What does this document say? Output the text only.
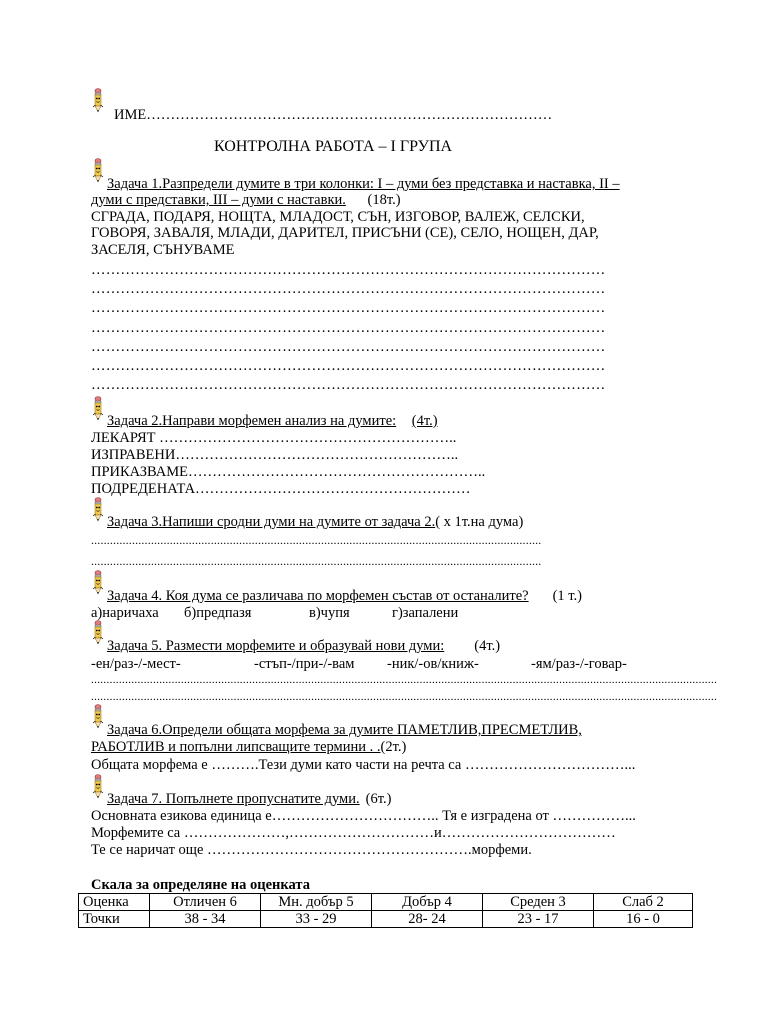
ИМЕ…………………………………………………………………………
КОНТРОЛНА РАБОТА – I ГРУПА
Задача 1.Разпредели думите в три колонки: I – думи без представка и наставка, II –
думи с представки, III – думи с наставки. (18т.)
СГРАДА, ПОДАРЯ, НОЩТА, МЛАДОСТ, СЪН, ИЗГОВОР, ВАЛЕЖ, СЕЛСКИ,
ГОВОРЯ, ЗАВАЛЯ, МЛАДИ, ДАРИТЕЛ, ПРИСЪНИ (СЕ), СЕЛО, НОЩЕН, ДАР,
ЗАСЕЛЯ, СЪНУВАМЕ
……………………………………………………………………………………………
……………………………………………………………………………………………
……………………………………………………………………………………………
……………………………………………………………………………………………
……………………………………………………………………………………………
……………………………………………………………………………………………
……………………………………………………………………………………………
Задача 2.Направи морфемен анализ на думите: (4т.)
ЛЕКАРЯТ ……………………………………………………..
ИЗПРАВЕНИ…………………………………………………..
ПРИКАЗВАМЕ……………………………………………………..
ПОДРЕДЕНАТА…………………………………………………
Задача 3.Напиши сродни думи на думите от задача 2.( х 1т.на дума)
...............................................................................................................................................
...............................................................................................................................................
Задача 4. Коя дума се различава по морфемен състав от останалите? (1 т.)
а)наричаха б)предпазя	в)чупя	г)запалени
Задача 5. Размести морфемите и образувай нови думи: (4т.)
-ен/раз-/-мест-	-стъп-/при-/-вам -ник/-ов/книж-	-ям/раз-/-говар-
..........................................................................................................................................................................................................
..........................................................................................................................................................................................................
Задача 6.Определи общата морфема за думите ПАМЕТЛИВ,ПРЕСМЕТЛИВ,
РАБОТЛИВ и попълни липсващите термини . .(2т.)
Общата морфема е ……….Тези думи като части на речта са ……………………………...
Задача 7. Попълнете пропуснатите думи. (6т.)
Основната езикова единица е…………………………….. Тя е изградена от ……………...
Морфемите са …………………,…………………………и………………………………
Те се наричат още ……………………………………………….морфеми.
Скала за определяне на оценката
Оценка	Отличен 6	Мн. добър 5	Добър 4	Среден 3	Слаб 2
Точки	38 - 34	33 - 29	28- 24	23 - 17	16 - 0
